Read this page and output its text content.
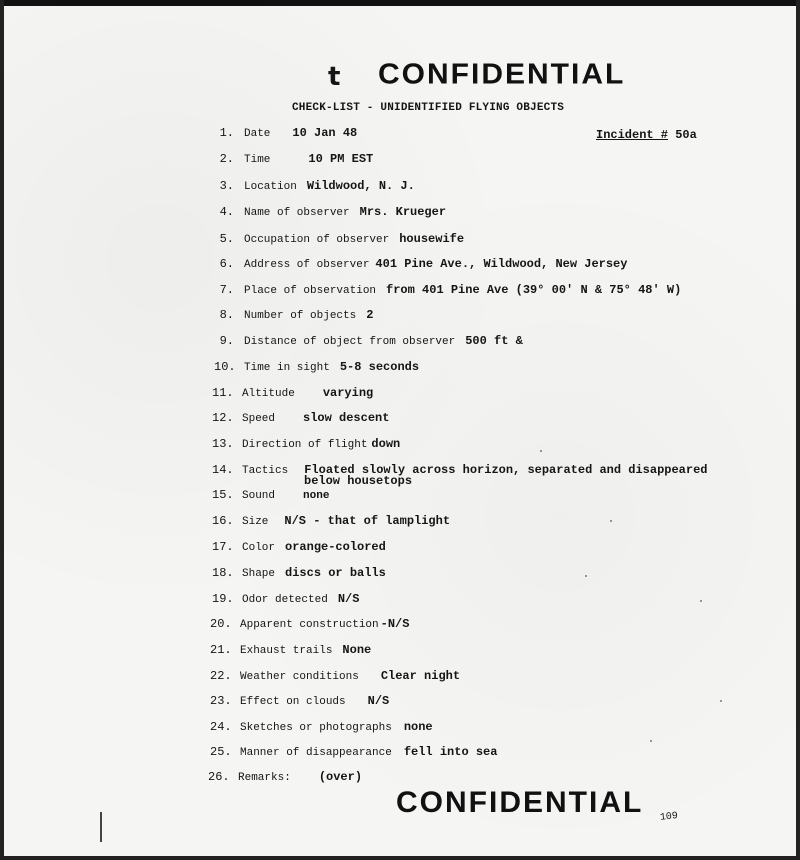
t CONFIDENTIAL
CHECK-LIST - UNIDENTIFIED FLYING OBJECTS
Incident # 50a
1. Date 10 Jan 48
2. Time	10 PM EST
3. Location Wildwood, N. J.
4. Name of observer Mrs. Krueger
5. Occupation of observer housewife
6. Address of observer 401 Pine Ave., Wildwood, New Jersey
7. Place of observation from 401 Pine Ave (39° 00' N & 75° 48' W)
8. Number of objects 2
9. Distance of object from observer 500 ft &
10. Time in sight 5-8 seconds
11. Altitude varying
12. Speed slow descent
13. Direction of flight down
14. Tactics Floated slowly across horizon, separated and disappeared
below housetops
15. Sound	none
16. Size N/S - that of lamplight
17. Color orange-colored
18. Shape discs or balls
19. Odor detected N/S
20. Apparent construction -N/S
21. Exhaust trails None
22. Weather conditions Clear night
23. Effect on clouds N/S
24. Sketches or photographs none
25. Manner of disappearance fell into sea
26. Remarks: (over)
CONFIDENTIAL 109
